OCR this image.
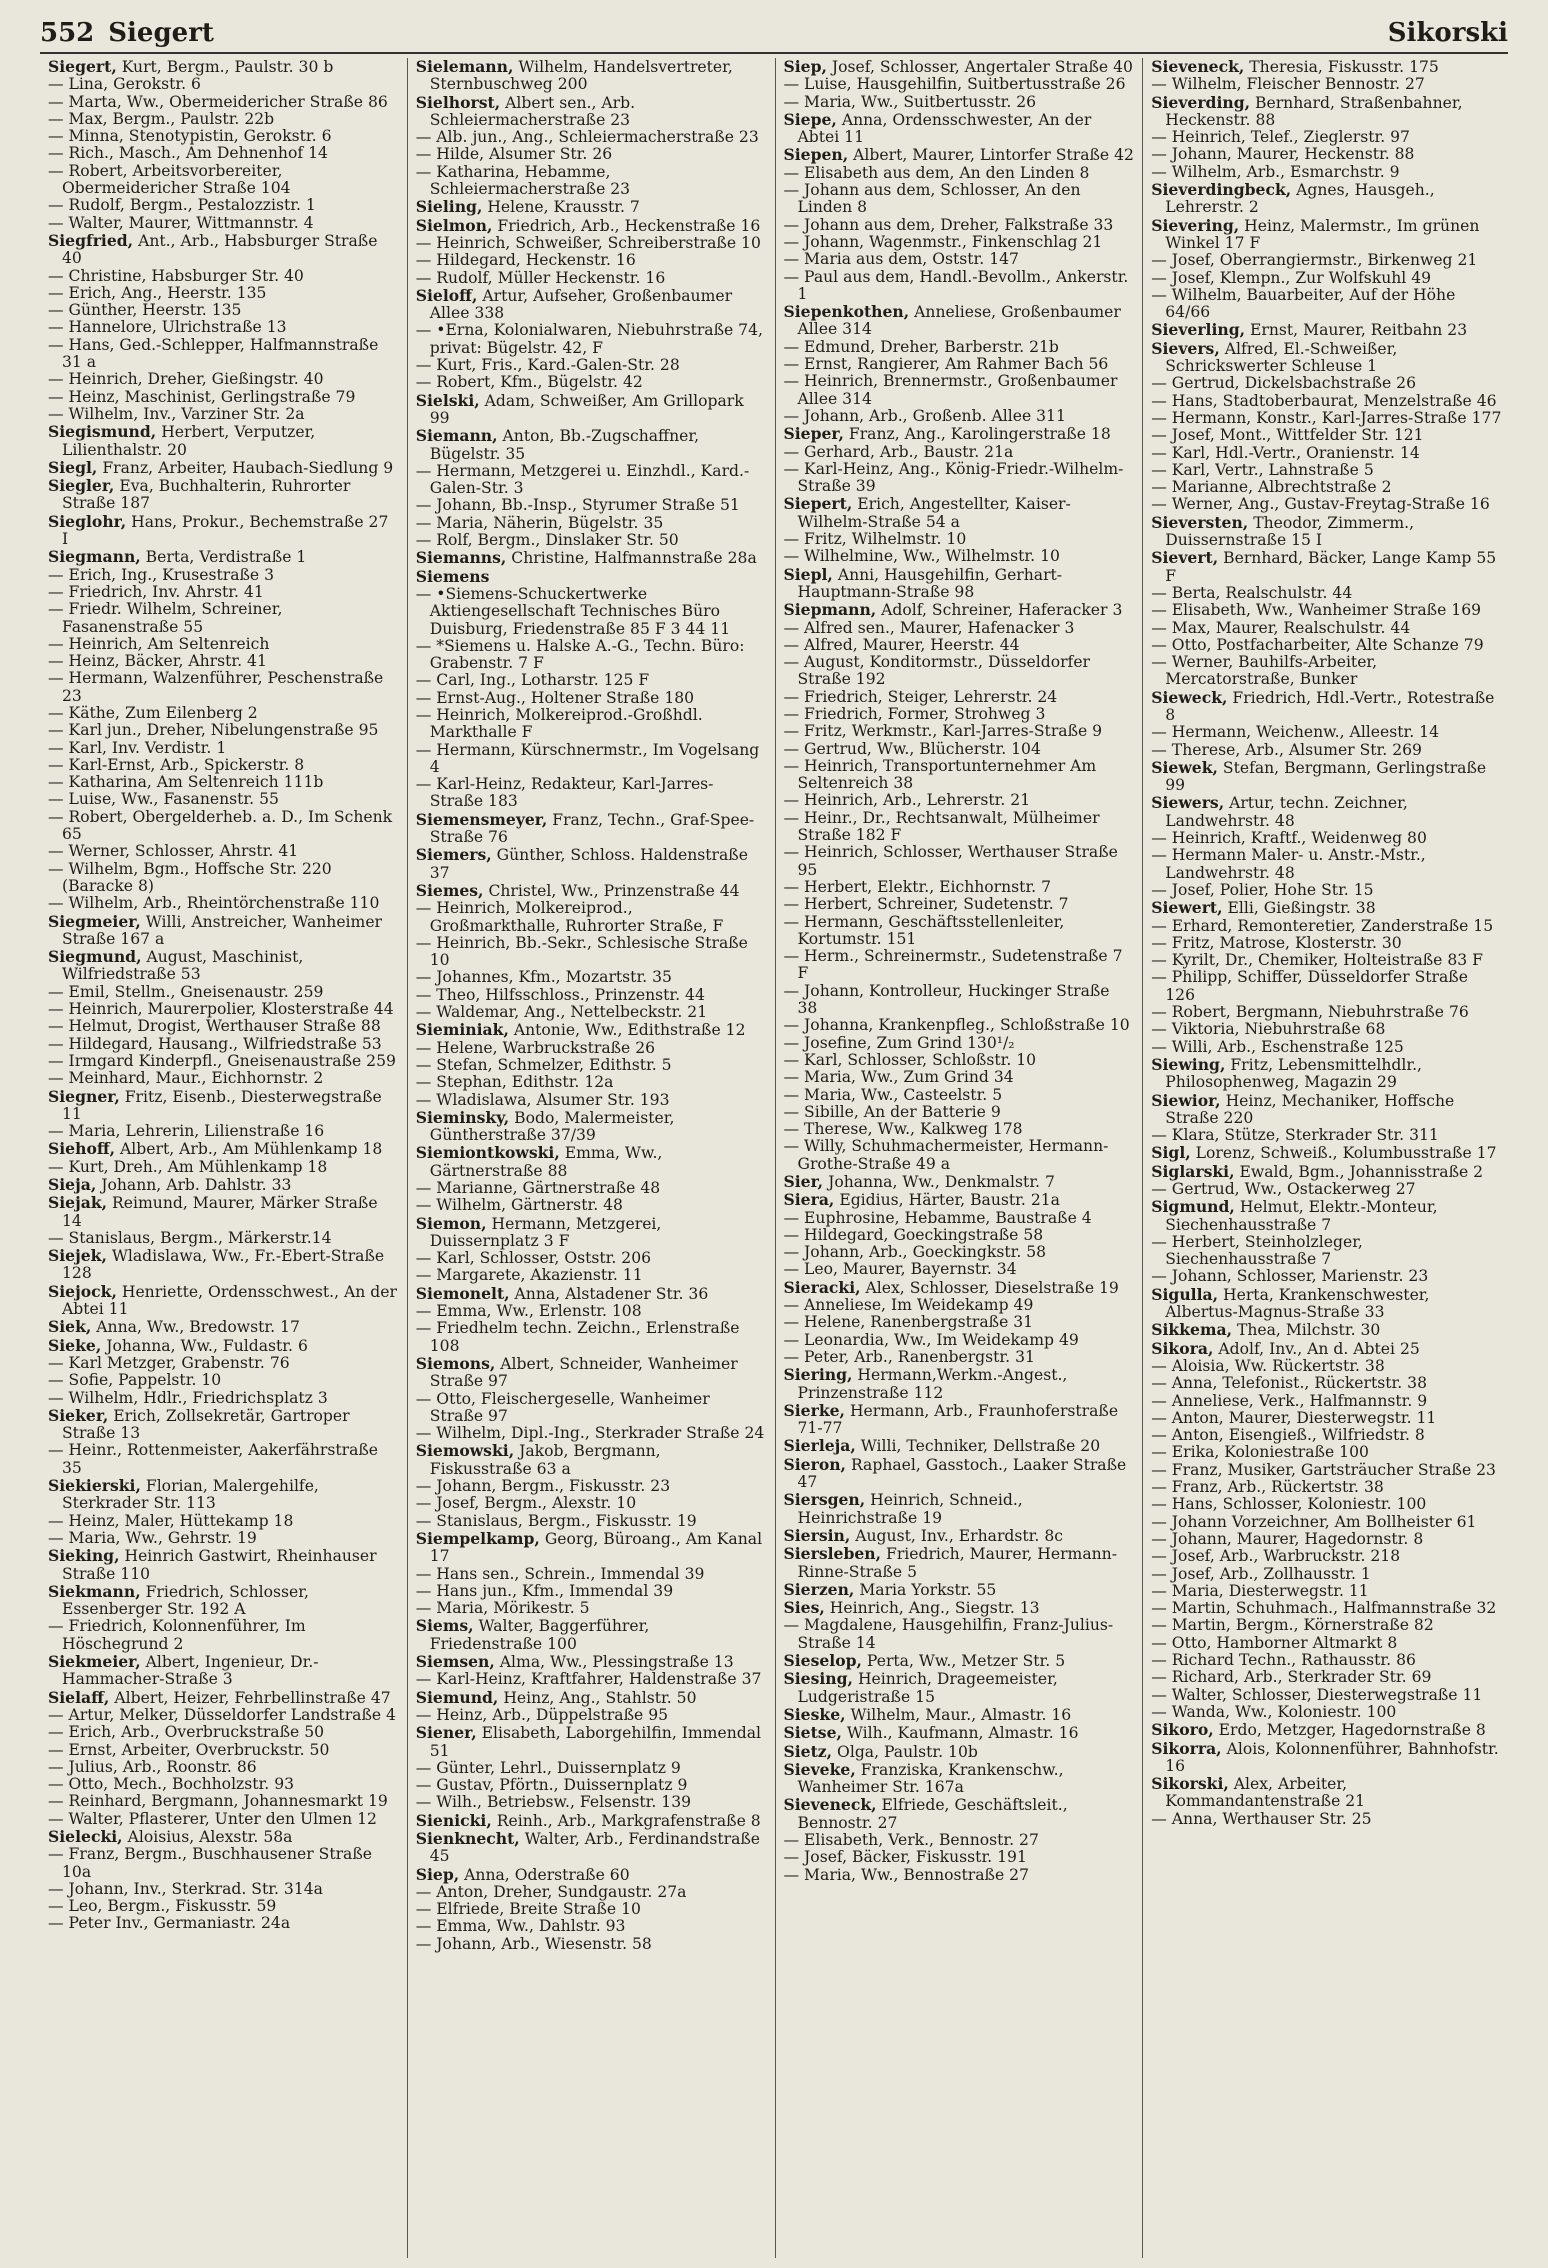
552 Siegert	Sikorski

Siegert, Kurt, Bergm., Paulstr. 30 b

— Lina, Gerokstr. 6

— Marta, Ww., Obermeidericher Straße 86

— Max, Bergm., Paulstr. 22b

— Minna, Stenotypistin, Gerokstr. 6

— Rich., Masch., Am Dehnenhof 14

— Robert, Arbeitsvorbereiter, Obermeidericher Straße 104

— Rudolf, Bergm., Pestalozzistr. 1

— Walter, Maurer, Wittmannstr. 4

Siegfried, Ant., Arb., Habsburger Straße 40

— Christine, Habsburger Str. 40

— Erich, Ang., Heerstr. 135

— Günther, Heerstr. 135

— Hannelore, Ulrichstraße 13

— Hans, Ged.-Schlepper, Halfmannstraße 31 a

— Heinrich, Dreher, Gießingstr. 40

— Heinz, Maschinist, Gerlingstraße 79

— Wilhelm, Inv., Varziner Str. 2a

Siegismund, Herbert, Verputzer, Lilienthalstr. 20

Siegl, Franz, Arbeiter, Haubach-Siedlung 9

Siegler, Eva, Buchhalterin, Ruhrorter Straße 187

Sieglohr, Hans, Prokur., Bechemstraße 27 I

Siegmann, Berta, Verdistraße 1

— Erich, Ing., Krusestraße 3

— Friedrich, Inv. Ahrstr. 41

— Friedr. Wilhelm, Schreiner, Fasanenstraße 55

— Heinrich, Am Seltenreich

— Heinz, Bäcker, Ahrstr. 41

— Hermann, Walzenführer, Peschenstraße 23

— Käthe, Zum Eilenberg 2

— Karl jun., Dreher, Nibelungenstraße 95

— Karl, Inv. Verdistr. 1

— Karl-Ernst, Arb., Spickerstr. 8

— Katharina, Am Seltenreich 111b

— Luise, Ww., Fasanenstr. 55

— Robert, Obergelderheb. a. D., Im Schenk 65

— Werner, Schlosser, Ahrstr. 41

— Wilhelm, Bgm., Hoffsche Str. 220 (Baracke 8)

— Wilhelm, Arb., Rheintörchenstraße 110

Siegmeier, Willi, Anstreicher, Wanheimer Straße 167 a

Siegmund, August, Maschinist, Wilfriedstraße 53

— Emil, Stellm., Gneisenaustr. 259

— Heinrich, Maurerpolier, Klosterstraße 44

— Helmut, Drogist, Werthauser Straße 88

— Hildegard, Hausang., Wilfriedstraße 53

— Irmgard Kinderpfl., Gneisenaustraße 259

— Meinhard, Maur., Eichhornstr. 2

Siegner, Fritz, Eisenb., Diesterwegstraße 11

— Maria, Lehrerin, Lilienstraße 16

Siehoff, Albert, Arb., Am Mühlenkamp 18

— Kurt, Dreh., Am Mühlenkamp 18

Sieja, Johann, Arb. Dahlstr. 33

Siejak, Reimund, Maurer, Märker Straße 14

— Stanislaus, Bergm., Märkerstr.14

Siejek, Wladislawa, Ww., Fr.-Ebert-Straße 128

Siejock, Henriette, Ordensschwest., An der Abtei 11

Siek, Anna, Ww., Bredowstr. 17

Sieke, Johanna, Ww., Fuldastr. 6

— Karl Metzger, Grabenstr. 76

— Sofie, Pappelstr. 10

— Wilhelm, Hdlr., Friedrichsplatz 3

Sieker, Erich, Zollsekretär, Gartroper Straße 13

— Heinr., Rottenmeister, Aakerfährstraße 35

Siekierski, Florian, Malergehilfe, Sterkrader Str. 113

— Heinz, Maler, Hüttekamp 18

— Maria, Ww., Gehrstr. 19

Sieking, Heinrich Gastwirt, Rheinhauser Straße 110

Siekmann, Friedrich, Schlosser, Essenberger Str. 192 A

— Friedrich, Kolonnenführer, Im Höschegrund 2

Siekmeier, Albert, Ingenieur, Dr.-Hammacher-Straße 3

Sielaff, Albert, Heizer, Fehrbellinstraße 47

— Artur, Melker, Düsseldorfer Landstraße 4

— Erich, Arb., Overbruckstraße 50

— Ernst, Arbeiter, Overbruckstr. 50

— Julius, Arb., Roonstr. 86

— Otto, Mech., Bochholzstr. 93

— Reinhard, Bergmann, Johannesmarkt 19

— Walter, Pflasterer, Unter den Ulmen 12

Sielecki, Aloisius, Alexstr. 58a

— Franz, Bergm., Buschhausener Straße 10a

— Johann, Inv., Sterkrad. Str. 314a

— Leo, Bergm., Fiskusstr. 59

— Peter Inv., Germaniastr. 24a

Sielemann, Wilhelm, Handelsvertreter, Sternbuschweg 200

Sielhorst, Albert sen., Arb. Schleiermacherstraße 23

— Alb. jun., Ang., Schleiermacherstraße 23

— Hilde, Alsumer Str. 26

— Katharina, Hebamme, Schleiermacherstraße 23

Sieling, Helene, Krausstr. 7

Sielmon, Friedrich, Arb., Heckenstraße 16

— Heinrich, Schweißer, Schreiberstraße 10

— Hildegard, Heckenstr. 16

— Rudolf, Müller Heckenstr. 16

Sieloff, Artur, Aufseher, Großenbaumer Allee 338

— •Erna, Kolonialwaren, Niebuhrstraße 74, privat: Bügelstr. 42, F

— Kurt, Fris., Kard.-Galen-Str. 28

— Robert, Kfm., Bügelstr. 42

Sielski, Adam, Schweißer, Am Grillopark 99

Siemann, Anton, Bb.-Zugschaffner, Bügelstr. 35

— Hermann, Metzgerei u. Einzhdl., Kard.-Galen-Str. 3

— Johann, Bb.-Insp., Styrumer Straße 51

— Maria, Näherin, Bügelstr. 35

— Rolf, Bergm., Dinslaker Str. 50

Siemanns, Christine, Halfmannstraße 28a

Siemens

— •Siemens-Schuckertwerke Aktiengesellschaft Technisches Büro Duisburg, Friedenstraße 85 F 3 44 11

— *Siemens u. Halske A.-G., Techn. Büro: Grabenstr. 7 F

— Carl, Ing., Lotharstr. 125 F

— Ernst-Aug., Holtener Straße 180

— Heinrich, Molkereiprod.-Großhdl. Markthalle F

— Hermann, Kürschnermstr., Im Vogelsang 4

— Karl-Heinz, Redakteur, Karl-Jarres-Straße 183

Siemensmeyer, Franz, Techn., Graf-Spee-Straße 76

Siemers, Günther, Schloss. Haldenstraße 37

Siemes, Christel, Ww., Prinzenstraße 44

— Heinrich, Molkereiprod., Großmarkthalle, Ruhrorter Straße, F

— Heinrich, Bb.-Sekr., Schlesische Straße 10

— Johannes, Kfm., Mozartstr. 35

— Theo, Hilfsschloss., Prinzenstr. 44

— Waldemar, Ang., Nettelbeckstr. 21

Sieminiak, Antonie, Ww., Edithstraße 12

— Helene, Warbruckstraße 26

— Stefan, Schmelzer, Edithstr. 5

— Stephan, Edithstr. 12a

— Wladislawa, Alsumer Str. 193

Sieminsky, Bodo, Malermeister, Güntherstraße 37/39

Siemiontkowski, Emma, Ww., Gärtnerstraße 88

— Marianne, Gärtnerstraße 48

— Wilhelm, Gärtnerstr. 48

Siemon, Hermann, Metzgerei, Duissernplatz 3 F

— Karl, Schlosser, Oststr. 206

— Margarete, Akazienstr. 11

Siemonelt, Anna, Alstadener Str. 36

— Emma, Ww., Erlenstr. 108

— Friedhelm techn. Zeichn., Erlenstraße 108

Siemons, Albert, Schneider, Wanheimer Straße 97

— Otto, Fleischergeselle, Wanheimer Straße 97

— Wilhelm, Dipl.-Ing., Sterkrader Straße 24

Siemowski, Jakob, Bergmann, Fiskusstraße 63 a

— Johann, Bergm., Fiskusstr. 23

— Josef, Bergm., Alexstr. 10

— Stanislaus, Bergm., Fiskusstr. 19

Siempelkamp, Georg, Büroang., Am Kanal 17

— Hans sen., Schrein., Immendal 39

— Hans jun., Kfm., Immendal 39

— Maria, Mörikestr. 5

Siems, Walter, Baggerführer, Friedenstraße 100

Siemsen, Alma, Ww., Plessingstraße 13

— Karl-Heinz, Kraftfahrer, Haldenstraße 37

Siemund, Heinz, Ang., Stahlstr. 50

— Heinz, Arb., Düppelstraße 95

Siener, Elisabeth, Laborgehilfin, Immendal 51

— Günter, Lehrl., Duissernplatz 9

— Gustav, Pförtn., Duissernplatz 9

— Wilh., Betriebsw., Felsenstr. 139

Sienicki, Reinh., Arb., Markgrafenstraße 8

Sienknecht, Walter, Arb., Ferdinandstraße 45

Siep, Anna, Oderstraße 60

— Anton, Dreher, Sundgaustr. 27a

— Elfriede, Breite Straße 10

— Emma, Ww., Dahlstr. 93

— Johann, Arb., Wiesenstr. 58

Siep, Josef, Schlosser, Angertaler Straße 40

— Luise, Hausgehilfin, Suitbertusstraße 26

— Maria, Ww., Suitbertusstr. 26

Siepe, Anna, Ordensschwester, An der Abtei 11

Siepen, Albert, Maurer, Lintorfer Straße 42

— Elisabeth aus dem, An den Linden 8

— Johann aus dem, Schlosser, An den Linden 8

— Johann aus dem, Dreher, Falkstraße 33

— Johann, Wagenmstr., Finkenschlag 21

— Maria aus dem, Oststr. 147

— Paul aus dem, Handl.-Bevollm., Ankerstr. 1

Siepenkothen, Anneliese, Großenbaumer Allee 314

— Edmund, Dreher, Barberstr. 21b

— Ernst, Rangierer, Am Rahmer Bach 56

— Heinrich, Brennermstr., Großenbaumer Allee 314

— Johann, Arb., Großenb. Allee 311

Sieper, Franz, Ang., Karolingerstraße 18

— Gerhard, Arb., Baustr. 21a

— Karl-Heinz, Ang., König-Friedr.-Wilhelm-Straße 39

Siepert, Erich, Angestellter, Kaiser-Wilhelm-Straße 54 a

— Fritz, Wilhelmstr. 10

— Wilhelmine, Ww., Wilhelmstr. 10

Siepl, Anni, Hausgehilfin, Gerhart-Hauptmann-Straße 98

Siepmann, Adolf, Schreiner, Haferacker 3

— Alfred sen., Maurer, Hafenacker 3

— Alfred, Maurer, Heerstr. 44

— August, Konditormstr., Düsseldorfer Straße 192

— Friedrich, Steiger, Lehrerstr. 24

— Friedrich, Former, Strohweg 3

— Fritz, Werkmstr., Karl-Jarres-Straße 9

— Gertrud, Ww., Blücherstr. 104

— Heinrich, Transportunternehmer Am Seltenreich 38

— Heinrich, Arb., Lehrerstr. 21

— Heinr., Dr., Rechtsanwalt, Mülheimer Straße 182 F

— Heinrich, Schlosser, Werthauser Straße 95

— Herbert, Elektr., Eichhornstr. 7

— Herbert, Schreiner, Sudetenstr. 7

— Hermann, Geschäftsstellenleiter, Kortumstr. 151

— Herm., Schreinermstr., Sudetenstraße 7 F

— Johann, Kontrolleur, Huckinger Straße 38

— Johanna, Krankenpfleg., Schloßstraße 10

— Josefine, Zum Grind 130¹/₂

— Karl, Schlosser, Schloßstr. 10

— Maria, Ww., Zum Grind 34

— Maria, Ww., Casteelstr. 5

— Sibille, An der Batterie 9

— Therese, Ww., Kalkweg 178

— Willy, Schuhmachermeister, Hermann-Grothe-Straße 49 a

Sier, Johanna, Ww., Denkmalstr. 7

Siera, Egidius, Härter, Baustr. 21a

— Euphrosine, Hebamme, Baustraße 4

— Hildegard, Goeckingstraße 58

— Johann, Arb., Goeckingkstr. 58

— Leo, Maurer, Bayernstr. 34

Sieracki, Alex, Schlosser, Dieselstraße 19

— Anneliese, Im Weidekamp 49

— Helene, Ranenbergstraße 31

— Leonardia, Ww., Im Weidekamp 49

— Peter, Arb., Ranenbergstr. 31

Siering, Hermann,Werkm.-Angest., Prinzenstraße 112

Sierke, Hermann, Arb., Fraunhoferstraße 71-77

Sierleja, Willi, Techniker, Dellstraße 20

Sieron, Raphael, Gasstoch., Laaker Straße 47

Siersgen, Heinrich, Schneid., Heinrichstraße 19

Siersin, August, Inv., Erhardstr. 8c

Siersleben, Friedrich, Maurer, Hermann-Rinne-Straße 5

Sierzen, Maria Yorkstr. 55

Sies, Heinrich, Ang., Siegstr. 13

— Magdalene, Hausgehilfin, Franz-Julius-Straße 14

Sieselop, Perta, Ww., Metzer Str. 5

Siesing, Heinrich, Drageemeister, Ludgeristraße 15

Sieske, Wilhelm, Maur., Almastr. 16

Sietse, Wilh., Kaufmann, Almastr. 16

Sietz, Olga, Paulstr. 10b

Sieveke, Franziska, Krankenschw., Wanheimer Str. 167a

Sieveneck, Elfriede, Geschäftsleit., Bennostr. 27

— Elisabeth, Verk., Bennostr. 27

— Josef, Bäcker, Fiskusstr. 191

— Maria, Ww., Bennostraße 27

Sieveneck, Theresia, Fiskusstr. 175

— Wilhelm, Fleischer Bennostr. 27

Sieverding, Bernhard, Straßenbahner, Heckenstr. 88

— Heinrich, Telef., Zieglerstr. 97

— Johann, Maurer, Heckenstr. 88

— Wilhelm, Arb., Esmarchstr. 9

Sieverdingbeck, Agnes, Hausgeh., Lehrerstr. 2

Sievering, Heinz, Malermstr., Im grünen Winkel 17 F

— Josef, Oberrangiermstr., Birkenweg 21

— Josef, Klempn., Zur Wolfskuhl 49

— Wilhelm, Bauarbeiter, Auf der Höhe 64/66

Sieverling, Ernst, Maurer, Reitbahn 23

Sievers, Alfred, El.-Schweißer, Schrickswerter Schleuse 1

— Gertrud, Dickelsbachstraße 26

— Hans, Stadtoberbaurat, Menzelstraße 46

— Hermann, Konstr., Karl-Jarres-Straße 177

— Josef, Mont., Wittfelder Str. 121

— Karl, Hdl.-Vertr., Oranienstr. 14

— Karl, Vertr., Lahnstraße 5

— Marianne, Albrechtstraße 2

— Werner, Ang., Gustav-Freytag-Straße 16

Sieversten, Theodor, Zimmerm., Duissernstraße 15 I

Sievert, Bernhard, Bäcker, Lange Kamp 55 F

— Berta, Realschulstr. 44

— Elisabeth, Ww., Wanheimer Straße 169

— Max, Maurer, Realschulstr. 44

— Otto, Postfacharbeiter, Alte Schanze 79

— Werner, Bauhilfs-Arbeiter, Mercatorstraße, Bunker

Sieweck, Friedrich, Hdl.-Vertr., Rotestraße 8

— Hermann, Weichenw., Alleestr. 14

— Therese, Arb., Alsumer Str. 269

Siewek, Stefan, Bergmann, Gerlingstraße 99

Siewers, Artur, techn. Zeichner, Landwehrstr. 48

— Heinrich, Kraftf., Weidenweg 80

— Hermann Maler- u. Anstr.-Mstr., Landwehrstr. 48

— Josef, Polier, Hohe Str. 15

Siewert, Elli, Gießingstr. 38

— Erhard, Remonteretier, Zanderstraße 15

— Fritz, Matrose, Klosterstr. 30

— Kyrilt, Dr., Chemiker, Holteistraße 83 F

— Philipp, Schiffer, Düsseldorfer Straße 126

— Robert, Bergmann, Niebuhrstraße 76

— Viktoria, Niebuhrstraße 68

— Willi, Arb., Eschenstraße 125

Siewing, Fritz, Lebensmittelhdlr., Philosophenweg, Magazin 29

Siewior, Heinz, Mechaniker, Hoffsche Straße 220

— Klara, Stütze, Sterkrader Str. 311

Sigl, Lorenz, Schweiß., Kolumbusstraße 17

Siglarski, Ewald, Bgm., Johannisstraße 2

— Gertrud, Ww., Ostackerweg 27

Sigmund, Helmut, Elektr.-Monteur, Siechenhausstraße 7

— Herbert, Steinholzleger, Siechenhausstraße 7

— Johann, Schlosser, Marienstr. 23

Sigulla, Herta, Krankenschwester, Albertus-Magnus-Straße 33

Sikkema, Thea, Milchstr. 30

Sikora, Adolf, Inv., An d. Abtei 25

— Aloisia, Ww. Rückertstr. 38

— Anna, Telefonist., Rückertstr. 38

— Anneliese, Verk., Halfmannstr. 9

— Anton, Maurer, Diesterwegstr. 11

— Anton, Eisengieß., Wilfriedstr. 8

— Erika, Koloniestraße 100

— Franz, Musiker, Gartsträucher Straße 23

— Franz, Arb., Rückertstr. 38

— Hans, Schlosser, Koloniestr. 100

— Johann Vorzeichner, Am Bollheister 61

— Johann, Maurer, Hagedornstr. 8

— Josef, Arb., Warbruckstr. 218

— Josef, Arb., Zollhausstr. 1

— Maria, Diesterwegstr. 11

— Martin, Schuhmach., Halfmannstraße 32

— Martin, Bergm., Körnerstraße 82

— Otto, Hamborner Altmarkt 8

— Richard Techn., Rathausstr. 86

— Richard, Arb., Sterkrader Str. 69

— Walter, Schlosser, Diesterwegstraße 11

— Wanda, Ww., Koloniestr. 100

Sikoro, Erdo, Metzger, Hagedornstraße 8

Sikorra, Alois, Kolonnenführer, Bahnhofstr. 16

Sikorski, Alex, Arbeiter, Kommandantenstraße 21

— Anna, Werthauser Str. 25
